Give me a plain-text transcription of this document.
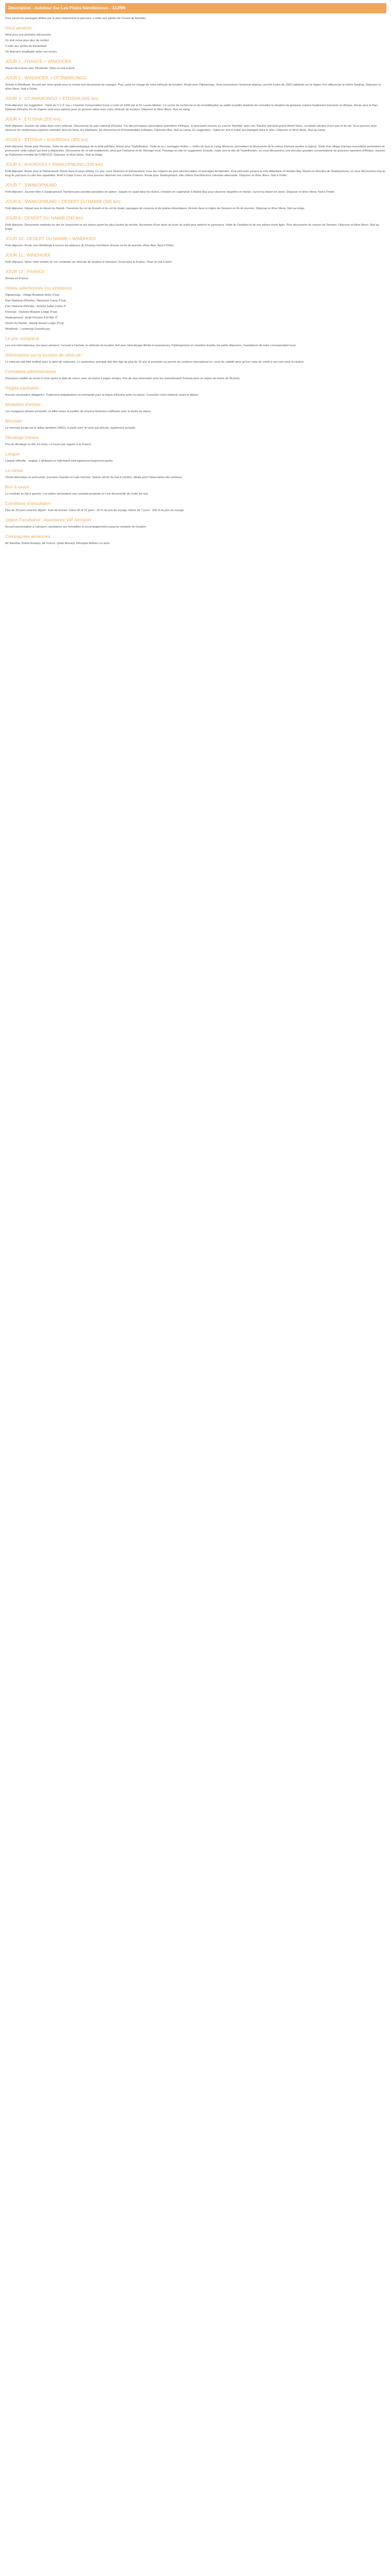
Description - Autotour Sur Les Pistes Namibiennes - 12J/9N
Pour suivre les passages définis par le plan notamment et parcourir, il veille aux parties de l'Ouest de Namibie.
Vous aimerez :
Idéal pour une première découverte
Un 4x4 inclus pour plus de confort
2 nuits aux portes du Kaokoland
Un itinéraire modifiable selon vos envies
JOUR 1 : FRANCE > WINDHOEK
Départ de France pour Windhoek. Dîner et nuit à bord.
JOUR 2 : WINDHOEK > OTJIWARONGO
Arrivée à Windhoek. Accueil par notre guide pour la remise des documents de voyages. Puis, prise en charge de votre véhicule de location. Route pour Otjiwarongo. Vous traverserez l'immense plateau, perché à plus de 1500 habitants sur la région d'un affluent de la rivière Swakop. Déjeuner et dîner libres. Nuit à l'hôtel.
JOUR 3 : OTJIWARONGO > ETOSHA (400 km)
Petit déjeuner. En suggestion : Visite du C.C.F. (ou « Cheetah Conservation Fund ») créé en 1990 par le Dr. Laurie Marker. Ce centre de recherche et de sensibilisation au public à public destinée de connaître la situation du guépard, espèce hautement menacée en Afrique. Route pour le Parc National d'Etosha. En fin d'après-midi vous partirez pour un premier safari avec votre véhicule de location. Déjeuner et dîner libres. Nuit au camp.
JOUR 4 : ETOSHA (200 km)
Petit déjeuner. Journée de safari dans votre véhicule. Découverte du parc national d'Etosha, l'un des principaux sanctuaires animaliers d'Afrique, et ponctuant mesure où s'est le 'Namibie' avec son 'Etosha' principal grand désert blanc, un dépôt calcaire d'une pan et de sel. Vous pourrez ainsi observer de nombreuses espèces animales dont les lions, les éléphants, les rhinocéros et d'innombrables antilopes. Déjeuner libre. Nuit au camp. En suggestion : Safari en 4x4 le matin accompagné dans le parc. Déjeuner et dîner libres. Nuit au camp.
JOUR 5 : ETOSHA > KHORIXAS (355 km)
Petit déjeuner. Route pour Khorixas. Visite du site paléontologique de la forêt pétrifiée. Route pour Twyfelfontein. Visite de la « montagne brûlée », forêts de lave et Living Museum, permettant la découverte de la culture Damara (ambre à région). Visite d'un village Damara reconstitué permettant de promouvoir cette culture qui tend à disparaître. Découverte de ce site traditionnel, ainsi que l'artisanat et de l'élevage local. Passage au site en suggestion. Ensuite, route vers le site de Twyfelfontein, où vous découvrirez une des plus grandes concentrations de gravures rupestres d'Afrique, classée au Patrimoine mondial de l'UNESCO. Déjeuner et dîner libres. Nuit au lodge.
JOUR 6 : KHORIXAS > SWAKOPMUND (330 km)
Petit déjeuner. Route pour le Damaraland. Route dans le pays Himba. Ce jour, vous traversez le Damaraland, l'une des régions les plus spectaculaires et sauvages de Namibie. Puis poursuite jusqu'à la côte Atlantique et Henties Bay. Route en direction de Swakopmund, où vous découvrirez tout au long du parcours la côte des squelettes. Arrêt à Cape Cross, où vous pourrez observer une colonie d'otaries. Route pour Swakopmund, ville côtière d'architecture coloniale allemande. Déjeuner et dîner libres. Nuit à l'hôtel.
JOUR 7 : SWAKOPMUND
Petit déjeuner. Journée libre à Swakopmund. Nombreuses activités possibles en option : balade en quad dans les dunes, croisière en catamaran à Walvis Bay pour observer dauphins et otaries, survol du désert en avion. Déjeuner et dîner libres. Nuit à l'hôtel.
JOUR 8 : SWAKOPMUND > DESERT DU NAMIB (300 km)
Petit déjeuner. Départ vers le désert du Namib. Traversée du col de Kuiseb et du col de Gaub, paysages de canyons et de plaines désertiques. Arrivée dans la région de Sesriem en fin de journée. Déjeuner et dîner libres. Nuit au lodge.
JOUR 9 : DESERT DU NAMIB (240 km)
Petit déjeuner. Découverte matinale du site de Sossusvlei et ses dunes parmi les plus hautes du monde. Ascension d'une dune au lever du soleil pour admirer le panorama. Visite du Deadvlei et de ses arbres morts figés. Puis découverte du canyon de Sesriem. Déjeuner et dîner libres. Nuit au lodge.
JOUR 10 : DESERT DU NAMIB > WINDHOEK
Petit déjeuner. Route vers Windhoek à travers les plateaux du Khomas Hochland. Arrivée en fin de journée, dîner libre. Nuit à l'hôtel.
JOUR 11 : WINDHOEK
Petit déjeuner. Selon votre horaire de vol, restitution du véhicule de location à l'aéroport. Envol pour la France. Dîner et nuit à bord.
JOUR 12 : FRANCE
Arrivée en France.
Hôtels sélectionnés (ou similaires) :
Otjiwarongo : Village Boutique Hotel 3*sup
Parc National d'Etosha : Namutoni Camp 3*sup
Parc National d'Etosha : Etosha Safari Camp 3*
Khorixas : Damara Mopane Lodge 3*sup
Swakopmund : Hotel Pension A la Mer 3*
Désert du Namib : Namib Desert Lodge 3*sup
Windhoek : Londiningi Guesthouse
Le prix comprend
Les vols internationaux, les taxes aéroport, l'accueil à l'arrivée, le véhicule de location 4x4 avec kilométrage illimité et assurances, l'hébergement en chambre double, les petits déjeuners, l'assistance de notre correspondant local.
Informations sur la location de véhicule :
Le véhicule doit être restitué avec le plein de carburant. Le conducteur principal doit être âgé de plus de 23 ans et posséder un permis de conduire international en cours de validité ainsi qu'une carte de crédit à son nom pour la caution.
Formalités administratives
Passeport valable au moins 6 mois après la date de retour, avec au moins 3 pages vierges. Pas de visa nécessaire pour les ressortissants français pour un séjour de moins de 90 jours.
Règles sanitaires :
Aucune vaccination obligatoire. Traitement antipaludéen recommandé pour la région d'Etosha selon la saison. Consultez votre médecin avant le départ.
Modalités d'entrée :
Les voyageurs doivent présenter un billet retour et justifier de moyens financiers suffisants pour la durée du séjour.
Monnaie
La monnaie locale est le dollar namibien (NAD), à parité avec le rand sud-africain, également accepté.
Décalage horaire
Pas de décalage en été. En hiver, +1 heure par rapport à la France.
Langue
Langue officielle : anglais. L'afrikaans et l'allemand sont également largement parlés.
Le climat
Climat désertique et semi-aride, journées chaudes et nuits fraîches. Saison sèche de mai à octobre, idéale pour l'observation des animaux.
Bon à savoir
La conduite se fait à gauche. Les pistes nécessitent une conduite prudente et il est déconseillé de rouler de nuit.
Conditions d'annulation
Plus de 30 jours avant le départ : frais de dossier. Entre 30 et 21 jours : 25 % du prix du voyage. Moins de 7 jours : 100 % du prix du voyage.
Option Facultative : Assistance VIP Aéroport
Accueil personnalisé à l'aéroport, assistance aux formalités et accompagnement jusqu'au comptoir de location.
Compagnies aériennes
Air Namibia, British Airways, Air France, Qatar Airways, Ethiopian Airlines ou autre.
